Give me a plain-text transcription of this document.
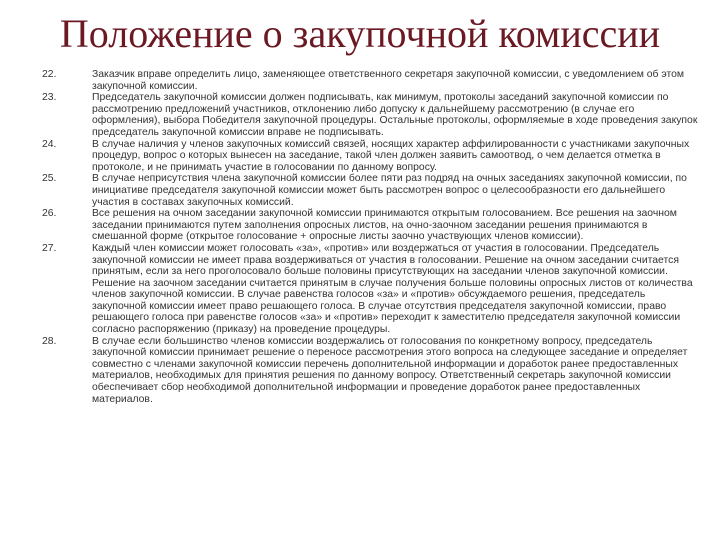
Положение о закупочной комиссии
22.	Заказчик вправе определить лицо, заменяющее ответственного секретаря закупочной комиссии, с уведомлением об этом закупочной комиссии.
23.	Председатель закупочной комиссии должен подписывать, как минимум, протоколы заседаний закупочной комиссии по рассмотрению предложений участников, отклонению либо допуску к дальнейшему рассмотрению (в случае его оформления), выбора Победителя закупочной процедуры. Остальные протоколы, оформляемые в ходе проведения закупок председатель закупочной комиссии вправе не подписывать.
24.	В случае наличия у членов закупочных комиссий связей, носящих характер аффилированности с участниками закупочных процедур, вопрос о которых вынесен на заседание, такой член должен заявить самоотвод, о чем делается отметка в протоколе, и не принимать участие в голосовании по данному вопросу.
25.	В случае неприсутствия члена закупочной комиссии более пяти раз подряд на очных заседаниях закупочной комиссии, по инициативе председателя закупочной комиссии может быть рассмотрен вопрос о целесообразности его дальнейшего участия в составах закупочных комиссий.
26.	Все решения на очном заседании закупочной комиссии принимаются открытым голосованием. Все решения на заочном заседании принимаются путем заполнения опросных листов, на очно-заочном заседании решения принимаются в смешанной форме (открытое голосование + опросные листы заочно участвующих членов комиссии).
27.	Каждый член комиссии может голосовать «за», «против» или воздержаться от участия в голосовании. Председатель закупочной комиссии не имеет права воздерживаться от участия в голосовании. Решение на очном заседании считается принятым, если за него проголосовало больше половины присутствующих на заседании членов закупочной комиссии. Решение на заочном заседании считается принятым в случае получения больше половины опросных листов от количества членов закупочной комиссии. В случае равенства голосов «за» и «против» обсуждаемого решения, председатель закупочной комиссии имеет право решающего голоса. В случае отсутствия председателя закупочной комиссии, право решающего голоса при равенстве голосов «за» и «против» переходит к заместителю председателя закупочной комиссии согласно распоряжению (приказу) на проведение процедуры.
28.	В случае если большинство членов комиссии воздержались от голосования по конкретному вопросу, председатель закупочной комиссии принимает решение о переносе рассмотрения этого вопроса на следующее заседание и определяет совместно с членами закупочной комиссии перечень дополнительной информации и доработок ранее предоставленных материалов, необходимых для принятия решения по данному вопросу. Ответственный секретарь закупочной комиссии обеспечивает сбор необходимой дополнительной информации и проведение доработок ранее предоставленных материалов.
